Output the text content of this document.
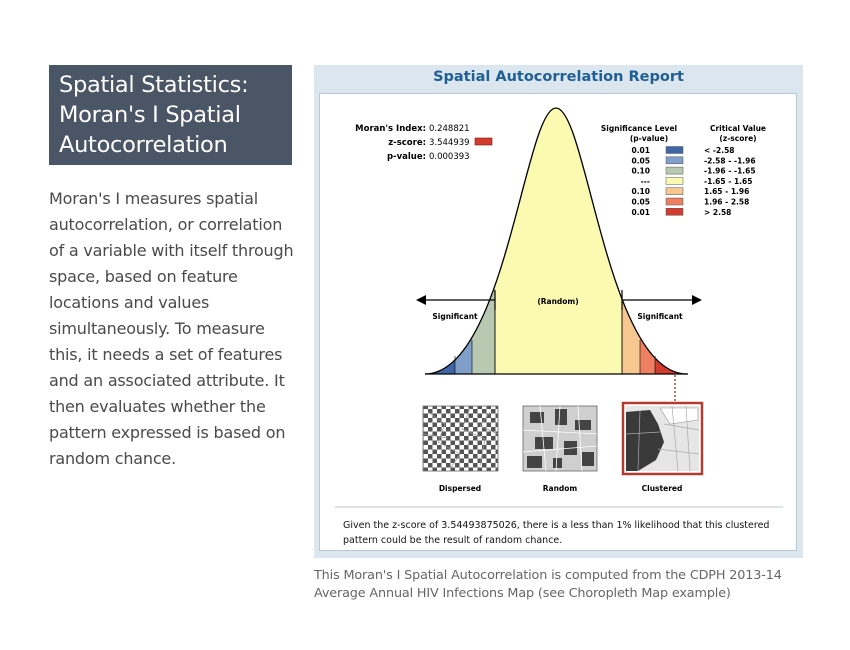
Spatial Statistics:
Moran's I Spatial
Autocorrelation

Moran's I measures spatial autocorrelation, or correlation of a variable with itself through space, based on feature locations and values simultaneously. To measure this, it needs a set of features and an associated attribute. It then evaluates whether the pattern expressed is based on random chance.

Spatial Autocorrelation Report
Moran's Index: 0.248821
z-score: 3.544939
p-value: 0.000393
Significance Level
(p-value)
Critical Value
(z-score)
0.01	< -2.58
0.05	-2.58 - -1.96
0.10	-1.96 - -1.65
---	-1.65 - 1.65
0.10	1.65 - 1.96
0.05	1.96 - 2.58
0.01	> 2.58
Significant
(Random)
Significant
Dispersed	Random	Clustered
Given the z-score of 3.54493875026, there is a less than 1% likelihood that this clustered pattern could be the result of random chance.
This Moran's I Spatial Autocorrelation is computed from the CDPH 2013-14 Average Annual HIV Infections Map (see Choropleth Map example)
